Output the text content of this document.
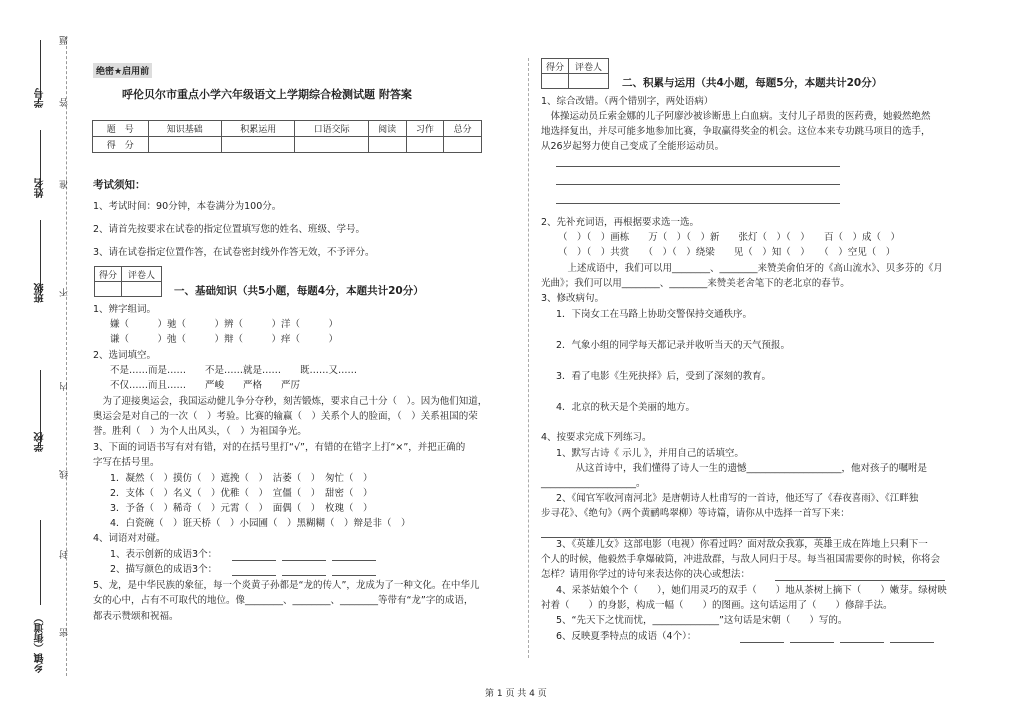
学号
姓名
班级
学校
乡镇（街道）
题
答
准
不
内
线
封
密
绝密★启用前
呼伦贝尔市重点小学六年级语文上学期综合检测试题 附答案
题　号	知识基础	积累运用	口语交际	阅读	习作	总分
得　分						
考试须知：
1、考试时间：90分钟，本卷满分为100分。
2、请首先按要求在试卷的指定位置填写您的姓名、班级、学号。
3、请在试卷指定位置作答，在试卷密封线外作答无效，不予评分。
得分	评卷人

一、基础知识（共5小题，每题4分，本题共计20分）
1、辨字组词。
嫌（　　　）驰（　　　）辨（　　　）洋（　　　）
谦（　　　）弛（　　　）辩（　　　）痒（　　　）
2、选词填空。
不是……而是……　　不是……就是……　　既……又……
不仅……而且……　　严峻　　严格　　严厉
　为了迎接奥运会，我国运动健儿争分夺秒，刻苦锻炼，要求自己十分（　）。因为他们知道，
奥运会是对自己的一次（　）考验。比赛的输赢（　）关系个人的脸面，（　）关系祖国的荣
誉。胜利（　）为个人出风头，（　）为祖国争光。
3、下面的词语书写有对有错，对的在括号里打“√”，有错的在错字上打“×”，并把正确的
字写在括号里。
1．凝然（　）摸仿（　）遮挽（　）　沽萎（　）　匆忙（　）
2．支体（　）名义（　）优稚（　）　宣僵（　）　甜密（　）
3．予备（　）稀奇（　）元霄（　）　面偶（　）　枚瑰（　）
4．白瓷碗（　）诳天桥（　）小园圃（　）黑糊糊（　）辩是非（　）
4、词语对对碰。
1、表示创新的成语3个：
2、描写颜色的成语3个：
5、龙，是中华民族的象征，每一个炎黄子孙都是“龙的传人”，龙成为了一种文化。在中华儿
女的心中，占有不可取代的地位。像________、________、________等带有“龙”字的成语，
都表示赞颂和祝福。
得分	评卷人

二、积累与运用（共4小题，每题5分，本题共计20分）
1、综合改错。（两个错别字，两处语病）
　体操运动员丘索金娜的儿子阿廖沙被诊断患上白血病。支付儿子昂贵的医药费，她毅然绝然
地选择复出，并尽可能多地参加比赛，争取赢得奖金的机会。这位本来专功跳马项目的选手，
从26岁起努力使自己变成了全能形运动员。
2、先补充词语，再根据要求选一选。
（　）（　）画栋　　万（　）（　）新　　张灯（　）（　）　　百（　）成（　）
（　）（　）共赏　　（　）（　）绕梁　　见（　）知（　）　　（　）空见（　）
　上述成语中，我们可以用________、________来赞美俞伯牙的《高山流水》、贝多芬的《月
光曲》；我们可以用________、________来赞美老舍笔下的老北京的春节。
3、修改病句。
1．下岗女工在马路上协助交警保持交通秩序。
2．气象小组的同学每天都记录并收听当天的天气预报。
3．看了电影《生死抉择》后，受到了深刻的教育。
4．北京的秋天是个美丽的地方。
4、按要求完成下列练习。
1、默写古诗《 示儿 》，并用自己的话填空。
　从这首诗中，我们懂得了诗人一生的遗憾____________________，他对孩子的嘱咐是
____________________。
2、《闻官军收河南河北》是唐朝诗人杜甫写的一首诗，他还写了《春夜喜雨》、《江畔独
步寻花》、《绝句》（两个黄鹂鸣翠柳）等诗篇，请你从中选择一首写下来：
3、《英雄儿女》这部电影（电视）你看过吗？面对敌众我寡，英雄王成在阵地上只剩下一
个人的时候，他毅然手拿爆破筒，冲进敌群，与敌人同归于尽。每当祖国需要你的时候，你将会
怎样？请用你学过的诗句来表达你的决心或想法：
4、采茶姑娘个个（　　），她们用灵巧的双手（　　）地从茶树上摘下（　　）嫩芽。绿树映
衬着（　　）的身影，构成一幅（　　）的图画。这句话运用了（　　）修辞手法。
5、“先天下之忧而忧，______________”这句话是宋朝（　　）写的。
6、反映夏季特点的成语（4个）：
第 1 页 共 4 页
